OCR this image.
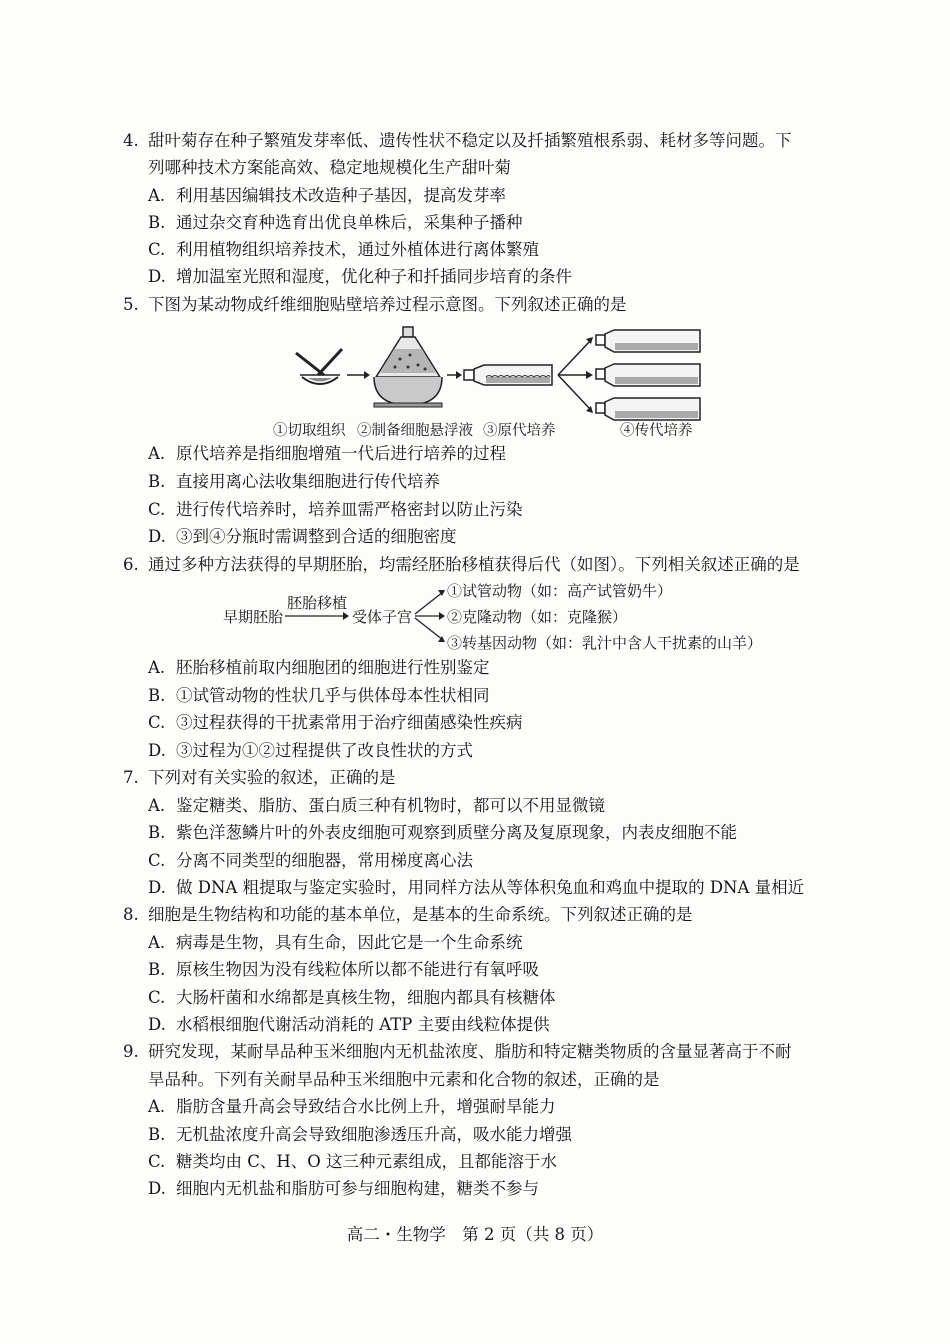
4. 甜叶菊存在种子繁殖发芽率低、遗传性状不稳定以及扦插繁殖根系弱、耗材多等问题。下
列哪种技术方案能高效、稳定地规模化生产甜叶菊
A. 利用基因编辑技术改造种子基因，提高发芽率
B. 通过杂交育种选育出优良单株后，采集种子播种
C. 利用植物组织培养技术，通过外植体进行离体繁殖
D. 增加温室光照和湿度，优化种子和扦插同步培育的条件
5. 下图为某动物成纤维细胞贴壁培养过程示意图。下列叙述正确的是
①切取组织 ②制备细胞悬浮液 ③原代培养	④传代培养
A. 原代培养是指细胞增殖一代后进行培养的过程
B. 直接用离心法收集细胞进行传代培养
C. 进行传代培养时，培养皿需严格密封以防止污染
D. ③到④分瓶时需调整到合适的细胞密度
6. 通过多种方法获得的早期胚胎，均需经胚胎移植获得后代（如图）。下列相关叙述正确的是
早期胚胎
胚胎移植
受体子宫
①试管动物（如：高产试管奶牛）
②克隆动物（如：克隆猴）
③转基因动物（如：乳汁中含人干扰素的山羊）
A. 胚胎移植前取内细胞团的细胞进行性别鉴定
B. ①试管动物的性状几乎与供体母本性状相同
C. ③过程获得的干扰素常用于治疗细菌感染性疾病
D. ③过程为①②过程提供了改良性状的方式
7. 下列对有关实验的叙述，正确的是
A. 鉴定糖类、脂肪、蛋白质三种有机物时，都可以不用显微镜
B. 紫色洋葱鳞片叶的外表皮细胞可观察到质壁分离及复原现象，内表皮细胞不能
C. 分离不同类型的细胞器，常用梯度离心法
D. 做 DNA 粗提取与鉴定实验时，用同样方法从等体积兔血和鸡血中提取的 DNA 量相近
8. 细胞是生物结构和功能的基本单位，是基本的生命系统。下列叙述正确的是
A. 病毒是生物，具有生命，因此它是一个生命系统
B. 原核生物因为没有线粒体所以都不能进行有氧呼吸
C. 大肠杆菌和水绵都是真核生物，细胞内都具有核糖体
D. 水稻根细胞代谢活动消耗的 ATP 主要由线粒体提供
9. 研究发现，某耐旱品种玉米细胞内无机盐浓度、脂肪和特定糖类物质的含量显著高于不耐
旱品种。下列有关耐旱品种玉米细胞中元素和化合物的叙述，正确的是
A. 脂肪含量升高会导致结合水比例上升，增强耐旱能力
B. 无机盐浓度升高会导致细胞渗透压升高，吸水能力增强
C. 糖类均由 C、H、O 这三种元素组成，且都能溶于水
D. 细胞内无机盐和脂肪可参与细胞构建，糖类不参与
高二・生物学　第 2 页（共 8 页）
